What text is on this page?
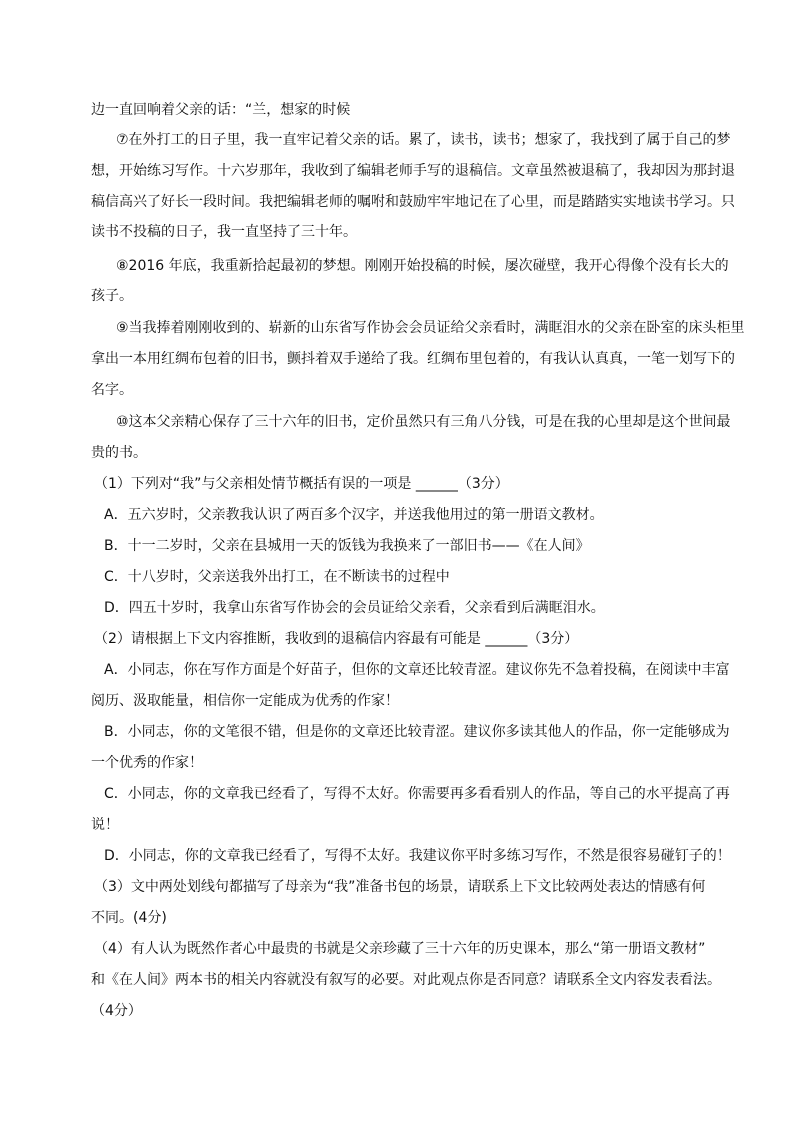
边一直回响着父亲的话：“兰，想家的时候
⑦在外打工的日子里，我一直牢记着父亲的话。累了，读书，读书；想家了，我找到了属于自己的梦
想，开始练习写作。十六岁那年，我收到了编辑老师手写的退稿信。文章虽然被退稿了，我却因为那封退
稿信高兴了好长一段时间。我把编辑老师的嘱咐和鼓励牢牢地记在了心里，而是踏踏实实地读书学习。只
读书不投稿的日子，我一直坚持了三十年。
⑧2016 年底，我重新拾起最初的梦想。刚刚开始投稿的时候，屡次碰壁，我开心得像个没有长大的
孩子。
⑨当我捧着刚刚收到的、崭新的山东省写作协会会员证给父亲看时，满眶泪水的父亲在卧室的床头柜里
拿出一本用红绸布包着的旧书，颤抖着双手递给了我。红绸布里包着的，有我认认真真，一笔一划写下的
名字。
⑩这本父亲精心保存了三十六年的旧书，定价虽然只有三角八分钱，可是在我的心里却是这个世间最
贵的书。
（1）下列对“我”与父亲相处情节概括有误的一项是 ______（3分）
A．五六岁时，父亲教我认识了两百多个汉字，并送我他用过的第一册语文教材。
B．十一二岁时，父亲在县城用一天的饭钱为我换来了一部旧书——《在人间》
C．十八岁时，父亲送我外出打工，在不断读书的过程中
D．四五十岁时，我拿山东省写作协会的会员证给父亲看，父亲看到后满眶泪水。
（2）请根据上下文内容推断，我收到的退稿信内容最有可能是 ______（3分）
A．小同志，你在写作方面是个好苗子，但你的文章还比较青涩。建议你先不急着投稿，在阅读中丰富
阅历、汲取能量，相信你一定能成为优秀的作家！
B．小同志，你的文笔很不错，但是你的文章还比较青涩。建议你多读其他人的作品，你一定能够成为
一个优秀的作家！
C．小同志，你的文章我已经看了，写得不太好。你需要再多看看别人的作品，等自己的水平提高了再
说！
D．小同志，你的文章我已经看了，写得不太好。我建议你平时多练习写作，不然是很容易碰钉子的！
（3）文中两处划线句都描写了母亲为“我”准备书包的场景，请联系上下文比较两处表达的情感有何
不同。(4分)
（4）有人认为既然作者心中最贵的书就是父亲珍藏了三十六年的历史课本，那么“第一册语文教材”
和《在人间》两本书的相关内容就没有叙写的必要。对此观点你是否同意？请联系全文内容发表看法。
（4分）
